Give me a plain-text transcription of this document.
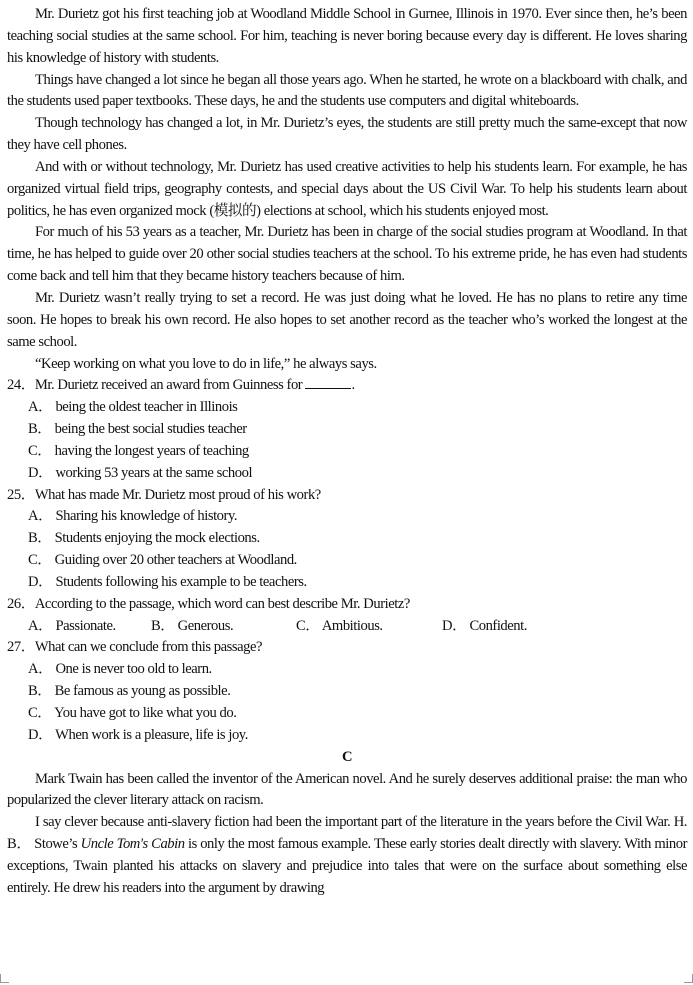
Mr. Durietz got his first teaching job at Woodland Middle School in Gurnee, Illinois in 1970. Ever since then, he’s been teaching social studies at the same school. For him, teaching is never boring because every day is different. He loves sharing his knowledge of history with students.

Things have changed a lot since he began all those years ago. When he started, he wrote on a blackboard with chalk, and the students used paper textbooks. These days, he and the students use computers and digital whiteboards.

Though technology has changed a lot, in Mr. Durietz’s eyes, the students are still pretty much the same-except that now they have cell phones.

And with or without technology, Mr. Durietz has used creative activities to help his students learn. For example, he has organized virtual field trips, geography contests, and special days about the US Civil War. To help his students learn about politics, he has even organized mock (模拟的) elections at school, which his students enjoyed most.

For much of his 53 years as a teacher, Mr. Durietz has been in charge of the social studies program at Woodland. In that time, he has helped to guide over 20 other social studies teachers at the school. To his extreme pride, he has even had students come back and tell him that they became history teachers because of him.

Mr. Durietz wasn’t really trying to set a record. He was just doing what he loved. He has no plans to retire any time soon. He hopes to break his own record. He also hopes to set another record as the teacher who’s worked the longest at the same school.

“Keep working on what you love to do in life,” he always says.

24．Mr. Durietz received an award from Guinness for	.

A． being the oldest teacher in Illinois

B． being the best social studies teacher

C． having the longest years of teaching

D． working 53 years at the same school

25．What has made Mr. Durietz most proud of his work?

A． Sharing his knowledge of history.

B． Students enjoying the mock elections.

C． Guiding over 20 other teachers at Woodland.

D． Students following his example to be teachers.

26．According to the passage, which word can best describe Mr. Durietz?

A． Passionate.	B． Generous.	C． Ambitious.	D． Confident.

27．What can we conclude from this passage?

A． One is never too old to learn.

B． Be famous as young as possible.

C． You have got to like what you do.

D． When work is a pleasure, life is joy.

C

Mark Twain has been called the inventor of the American novel. And he surely deserves additional praise: the man who popularized the clever literary attack on racism.

I say clever because anti-slavery fiction had been the important part of the literature in the years before the Civil War. H. B． Stowe’s Uncle Tom's Cabin is only the most famous example. These early stories dealt directly with slavery. With minor exceptions, Twain planted his attacks on slavery and prejudice into tales that were on the surface about something else entirely. He drew his readers into the argument by drawing
